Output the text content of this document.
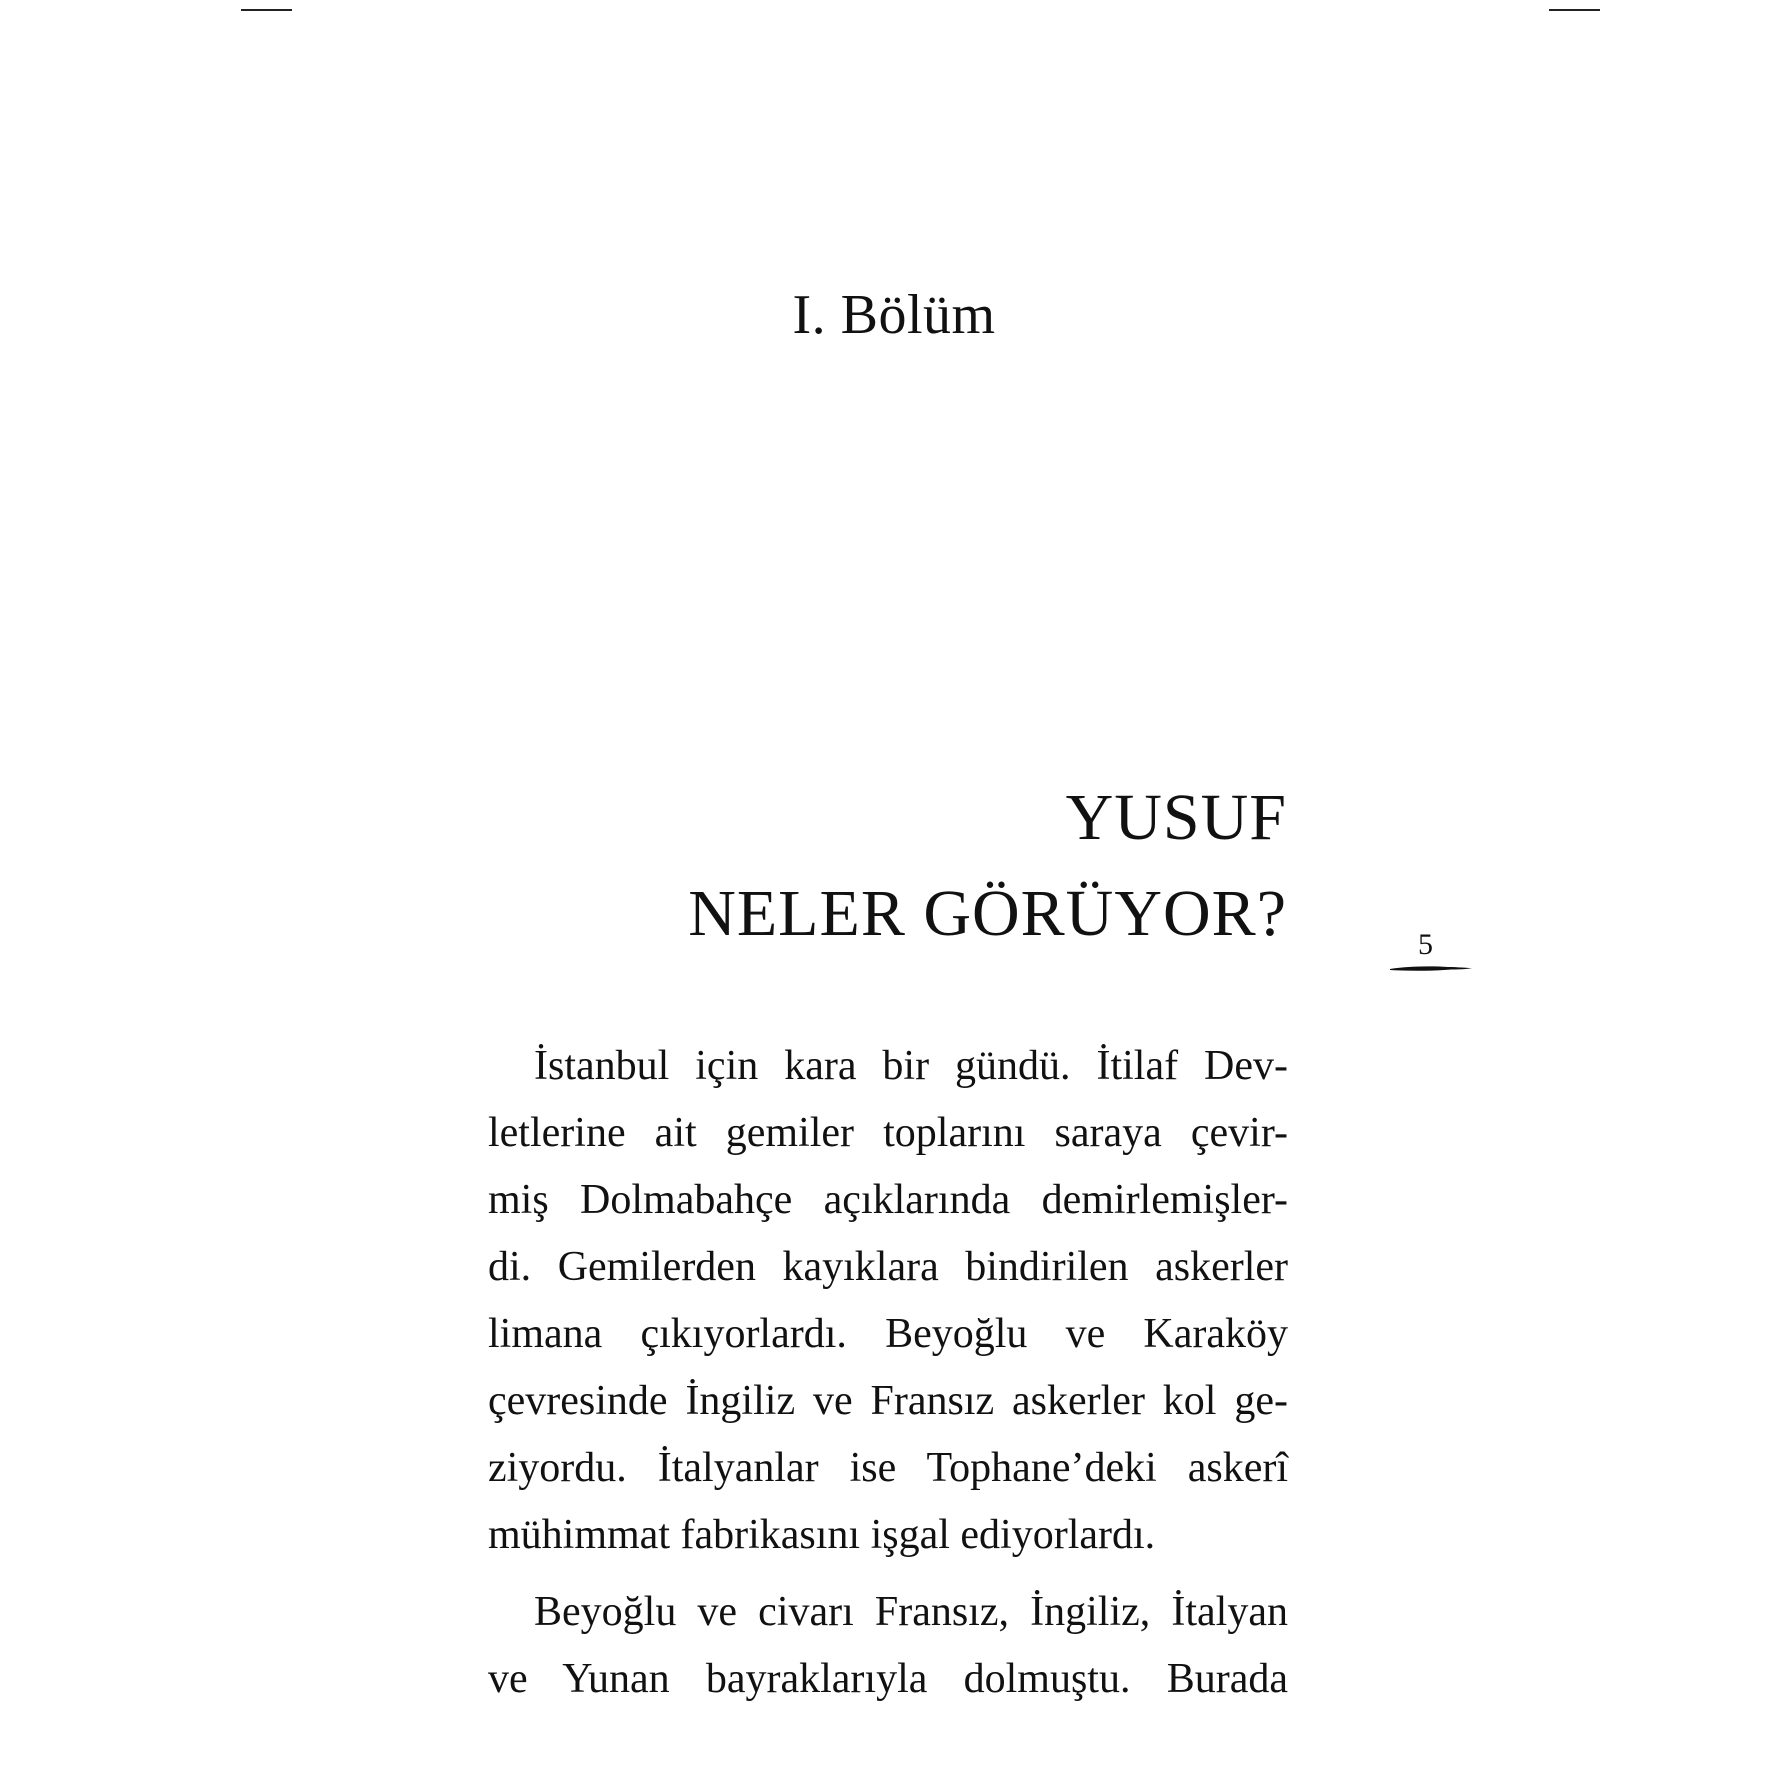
I. Bölüm
YUSUF
NELER GÖRÜYOR?	5
İstanbul için kara bir gündü. İtilaf Dev-
letlerine ait gemiler toplarını saraya çevir-
miş Dolmabahçe açıklarında demirlemişler-
di. Gemilerden kayıklara bindirilen askerler
limana çıkıyorlardı. Beyoğlu ve Karaköy
çevresinde İngiliz ve Fransız askerler kol ge-
ziyordu. İtalyanlar ise Tophane’deki askerî
mühimmat fabrikasını işgal ediyorlardı.
Beyoğlu ve civarı Fransız, İngiliz, İtalyan
ve Yunan bayraklarıyla dolmuştu. Burada
